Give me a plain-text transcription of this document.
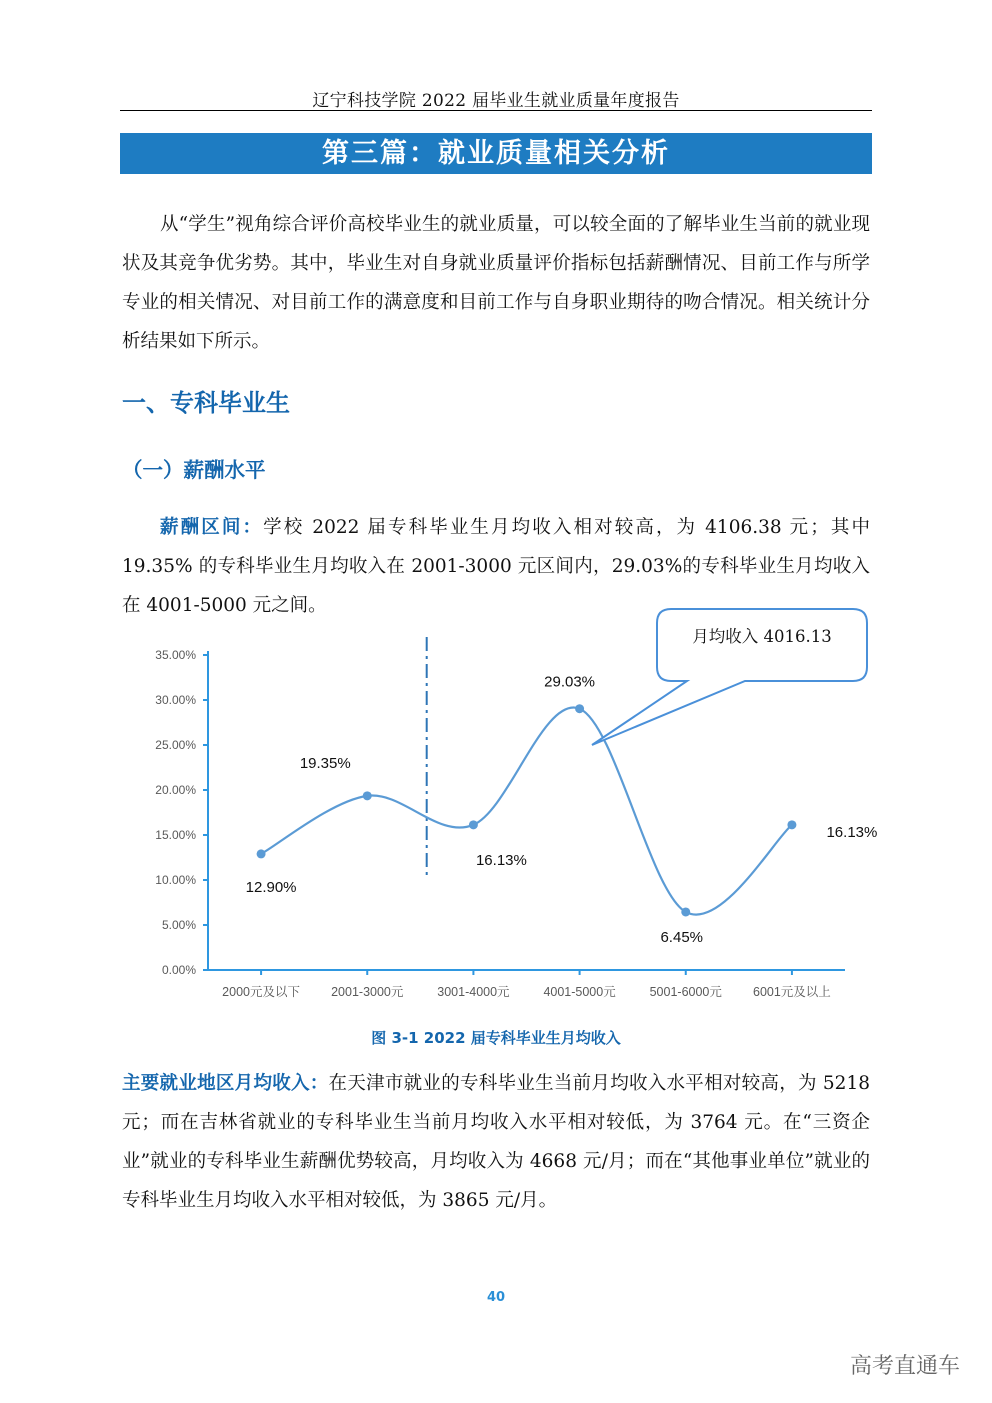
辽宁科技学院 2022 届毕业生就业质量年度报告
第三篇：就业质量相关分析
从“学生”视角综合评价高校毕业生的就业质量，可以较全面的了解毕业生当前的就业现状及其竞争优劣势。其中，毕业生对自身就业质量评价指标包括薪酬情况、目前工作与所学专业的相关情况、对目前工作的满意度和目前工作与自身职业期待的吻合情况。相关统计分析结果如下所示。
一、专科毕业生
（一）薪酬水平
薪酬区间：学校 2022 届专科毕业生月均收入相对较高，为 4106.38 元；其中 19.35% 的专科毕业生月均收入在 2001-3000 元区间内，29.03%的专科毕业生月均收入在 4001-5000 元之间。
0.00%
5.00%
10.00%
15.00%
20.00%
25.00%
30.00%
35.00%
2000元及以下 2001-3000元	3001-4000元	4001-5000元	5001-6000元 6001元及以上
12.90%
19.35%
16.13%
29.03%
6.45%
16.13%
月均收入 4016.13
图 3-1 2022 届专科毕业生月均收入
主要就业地区月均收入：在天津市就业的专科毕业生当前月均收入水平相对较高，为 5218 元；而在吉林省就业的专科毕业生当前月均收入水平相对较低，为 3764 元。在“三资企业”就业的专科毕业生薪酬优势较高，月均收入为 4668 元/月；而在“其他事业单位”就业的专科毕业生月均收入水平相对较低，为 3865 元/月。
40
高考直通车
